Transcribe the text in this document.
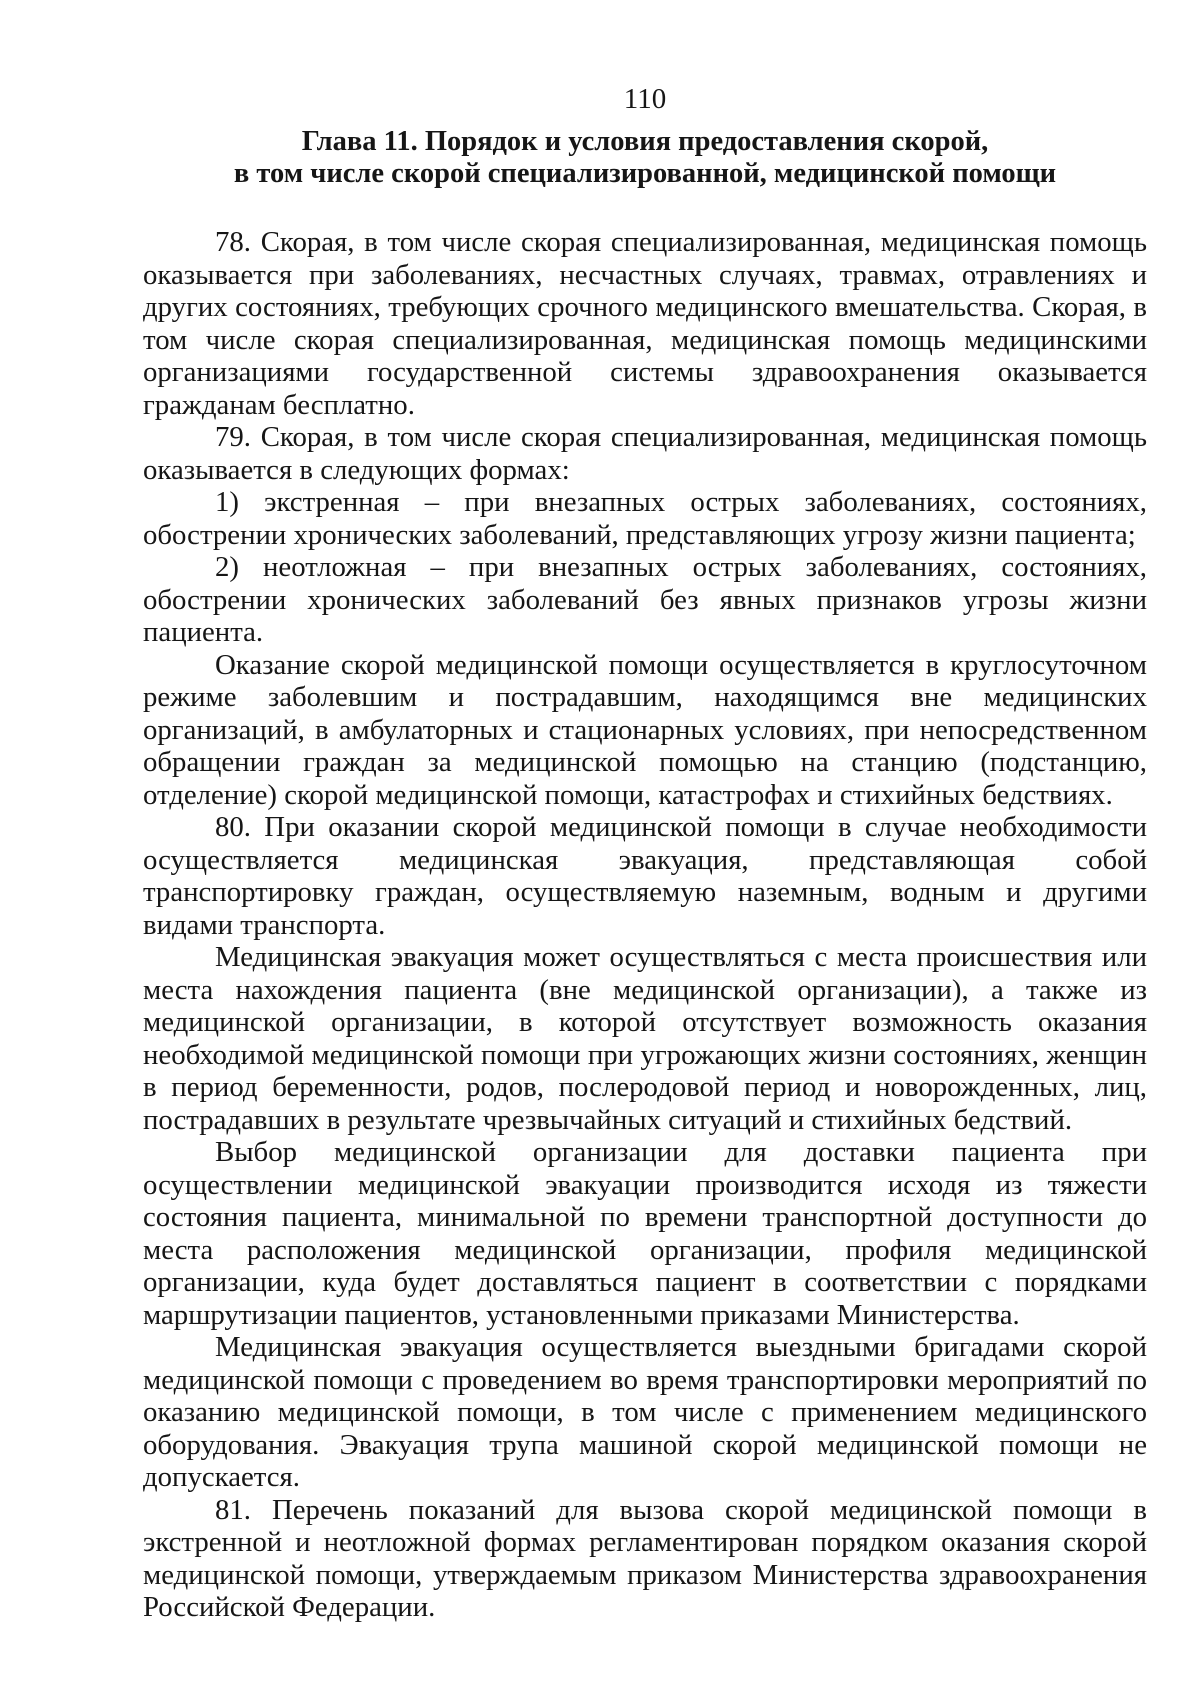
110
Глава 11. Порядок и условия предоставления скорой,
в том числе скорой специализированной, медицинской помощи

78. Скорая, в том числе скорая специализированная, медицинская помощь оказывается при заболеваниях, несчастных случаях, травмах, отравлениях и других состояниях, требующих срочного медицинского вмешательства. Скорая, в том числе скорая специализированная, медицинская помощь медицинскими организациями государственной системы здравоохранения оказывается гражданам бесплатно.

79. Скорая, в том числе скорая специализированная, медицинская помощь оказывается в следующих формах:

1) экстренная – при внезапных острых заболеваниях, состояниях, обострении хронических заболеваний, представляющих угрозу жизни пациента;

2) неотложная – при внезапных острых заболеваниях, состояниях, обострении хронических заболеваний без явных признаков угрозы жизни пациента.

Оказание скорой медицинской помощи осуществляется в круглосуточном режиме заболевшим и пострадавшим, находящимся вне медицинских организаций, в амбулаторных и стационарных условиях, при непосредственном обращении граждан за медицинской помощью на станцию (подстанцию, отделение) скорой медицинской помощи, катастрофах и стихийных бедствиях.

80. При оказании скорой медицинской помощи в случае необходимости осуществляется медицинская эвакуация, представляющая собой транспортировку граждан, осуществляемую наземным, водным и другими видами транспорта.

Медицинская эвакуация может осуществляться с места происшествия или места нахождения пациента (вне медицинской организации), а также из медицинской организации, в которой отсутствует возможность оказания необходимой медицинской помощи при угрожающих жизни состояниях, женщин в период беременности, родов, послеродовой период и новорожденных, лиц, пострадавших в результате чрезвычайных ситуаций и стихийных бедствий.

Выбор медицинской организации для доставки пациента при осуществлении медицинской эвакуации производится исходя из тяжести состояния пациента, минимальной по времени транспортной доступности до места расположения медицинской организации, профиля медицинской организации, куда будет доставляться пациент в соответствии с порядками маршрутизации пациентов, установленными приказами Министерства.

Медицинская эвакуация осуществляется выездными бригадами скорой медицинской помощи с проведением во время транспортировки мероприятий по оказанию медицинской помощи, в том числе с применением медицинского оборудования. Эвакуация трупа машиной скорой медицинской помощи не допускается.

81. Перечень показаний для вызова скорой медицинской помощи в экстренной и неотложной формах регламентирован порядком оказания скорой медицинской помощи, утверждаемым приказом Министерства здравоохранения Российской Федерации.
